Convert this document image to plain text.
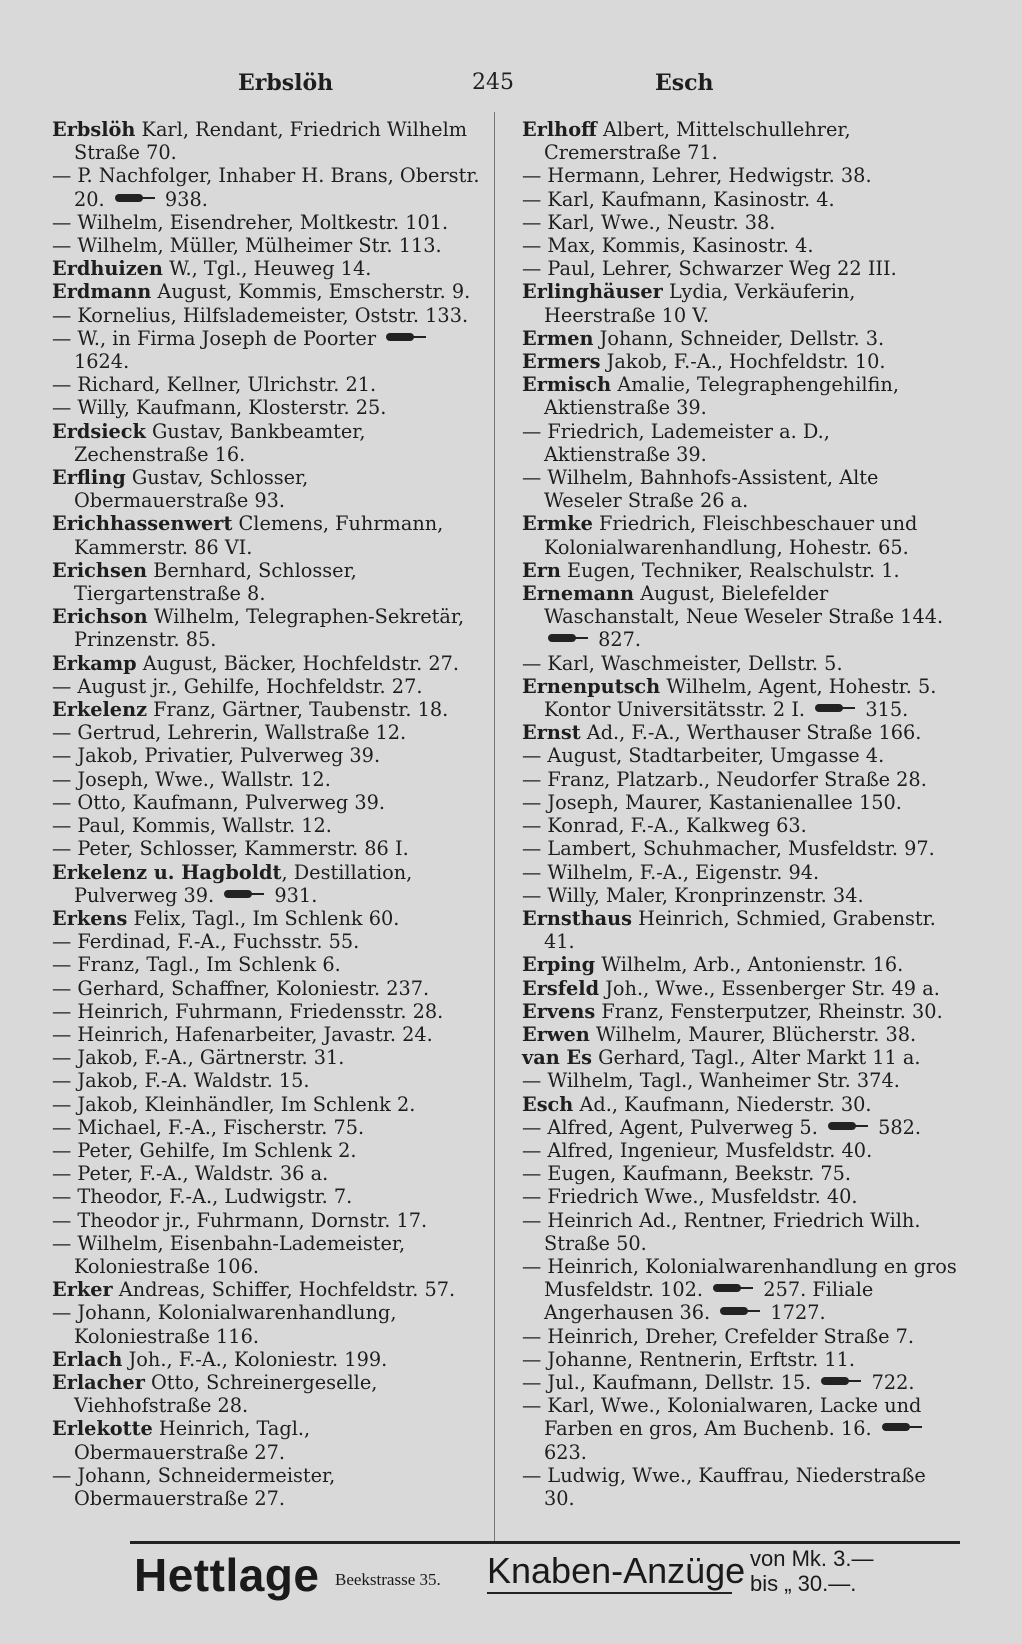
Erbslöh	245	Esch

Erbslöh Karl, Rendant, Friedrich Wilhelm Straße 70.

— P. Nachfolger, Inhaber H. Brans, Oberstr. 20.  938.

— Wilhelm, Eisendreher, Moltkestr. 101.

— Wilhelm, Müller, Mülheimer Str. 113.

Erdhuizen W., Tgl., Heuweg 14.

Erdmann August, Kommis, Emscherstr. 9.

— Kornelius, Hilfslademeister, Oststr. 133.

— W., in Firma Joseph de Poorter  1624.

— Richard, Kellner, Ulrichstr. 21.

— Willy, Kaufmann, Klosterstr. 25.

Erdsieck Gustav, Bankbeamter, Zechenstraße 16.

Erfling Gustav, Schlosser, Obermauerstraße 93.

Erichhassenwert Clemens, Fuhrmann, Kammerstr. 86 VI.

Erichsen Bernhard, Schlosser, Tiergartenstraße 8.

Erichson Wilhelm, Telegraphen-Sekretär, Prinzenstr. 85.

Erkamp August, Bäcker, Hochfeldstr. 27.

— August jr., Gehilfe, Hochfeldstr. 27.

Erkelenz Franz, Gärtner, Taubenstr. 18.

— Gertrud, Lehrerin, Wallstraße 12.

— Jakob, Privatier, Pulverweg 39.

— Joseph, Wwe., Wallstr. 12.

— Otto, Kaufmann, Pulverweg 39.

— Paul, Kommis, Wallstr. 12.

— Peter, Schlosser, Kammerstr. 86 I.

Erkelenz u. Hagboldt, Destillation, Pulverweg 39.  931.

Erkens Felix, Tagl., Im Schlenk 60.

— Ferdinad, F.-A., Fuchsstr. 55.

— Franz, Tagl., Im Schlenk 6.

— Gerhard, Schaffner, Koloniestr. 237.

— Heinrich, Fuhrmann, Friedensstr. 28.

— Heinrich, Hafenarbeiter, Javastr. 24.

— Jakob, F.-A., Gärtnerstr. 31.

— Jakob, F.-A. Waldstr. 15.

— Jakob, Kleinhändler, Im Schlenk 2.

— Michael, F.-A., Fischerstr. 75.

— Peter, Gehilfe, Im Schlenk 2.

— Peter, F.-A., Waldstr. 36 a.

— Theodor, F.-A., Ludwigstr. 7.

— Theodor jr., Fuhrmann, Dornstr. 17.

— Wilhelm, Eisenbahn-Lademeister, Koloniestraße 106.

Erker Andreas, Schiffer, Hochfeldstr. 57.

— Johann, Kolonialwarenhandlung, Koloniestraße 116.

Erlach Joh., F.-A., Koloniestr. 199.

Erlacher Otto, Schreinergeselle, Viehhofstraße 28.

Erlekotte Heinrich, Tagl., Obermauerstraße 27.

— Johann, Schneidermeister, Obermauerstraße 27.

Erlhoff Albert, Mittelschullehrer, Cremerstraße 71.

— Hermann, Lehrer, Hedwigstr. 38.

— Karl, Kaufmann, Kasinostr. 4.

— Karl, Wwe., Neustr. 38.

— Max, Kommis, Kasinostr. 4.

— Paul, Lehrer, Schwarzer Weg 22 III.

Erlinghäuser Lydia, Verkäuferin, Heerstraße 10 V.

Ermen Johann, Schneider, Dellstr. 3.

Ermers Jakob, F.-A., Hochfeldstr. 10.

Ermisch Amalie, Telegraphengehilfin, Aktienstraße 39.

— Friedrich, Lademeister a. D., Aktienstraße 39.

— Wilhelm, Bahnhofs-Assistent, Alte Weseler Straße 26 a.

Ermke Friedrich, Fleischbeschauer und Kolonialwarenhandlung, Hohestr. 65.

Ern Eugen, Techniker, Realschulstr. 1.

Ernemann August, Bielefelder Waschanstalt, Neue Weseler Straße 144.  827.

— Karl, Waschmeister, Dellstr. 5.

Ernenputsch Wilhelm, Agent, Hohestr. 5. Kontor Universitätsstr. 2 I.  315.

Ernst Ad., F.-A., Werthauser Straße 166.

— August, Stadtarbeiter, Umgasse 4.

— Franz, Platzarb., Neudorfer Straße 28.

— Joseph, Maurer, Kastanienallee 150.

— Konrad, F.-A., Kalkweg 63.

— Lambert, Schuhmacher, Musfeldstr. 97.

— Wilhelm, F.-A., Eigenstr. 94.

— Willy, Maler, Kronprinzenstr. 34.

Ernsthaus Heinrich, Schmied, Grabenstr. 41.

Erping Wilhelm, Arb., Antonienstr. 16.

Ersfeld Joh., Wwe., Essenberger Str. 49 a.

Ervens Franz, Fensterputzer, Rheinstr. 30.

Erwen Wilhelm, Maurer, Blücherstr. 38.

van Es Gerhard, Tagl., Alter Markt 11 a.

— Wilhelm, Tagl., Wanheimer Str. 374.

Esch Ad., Kaufmann, Niederstr. 30.

— Alfred, Agent, Pulverweg 5.  582.

— Alfred, Ingenieur, Musfeldstr. 40.

— Eugen, Kaufmann, Beekstr. 75.

— Friedrich Wwe., Musfeldstr. 40.

— Heinrich Ad., Rentner, Friedrich Wilh. Straße 50.

— Heinrich, Kolonialwarenhandlung en gros Musfeldstr. 102.  257. Filiale Angerhausen 36.  1727.

— Heinrich, Dreher, Crefelder Straße 7.

— Johanne, Rentnerin, Erftstr. 11.

— Jul., Kaufmann, Dellstr. 15.  722.

— Karl, Wwe., Kolonialwaren, Lacke und Farben en gros, Am Buchenb. 16.  623.

— Ludwig, Wwe., Kauffrau, Niederstraße 30.

Hettlage Beekstrasse 35. Knaben-Anzüge von Mk. 3.—
bis „ 30.—.
